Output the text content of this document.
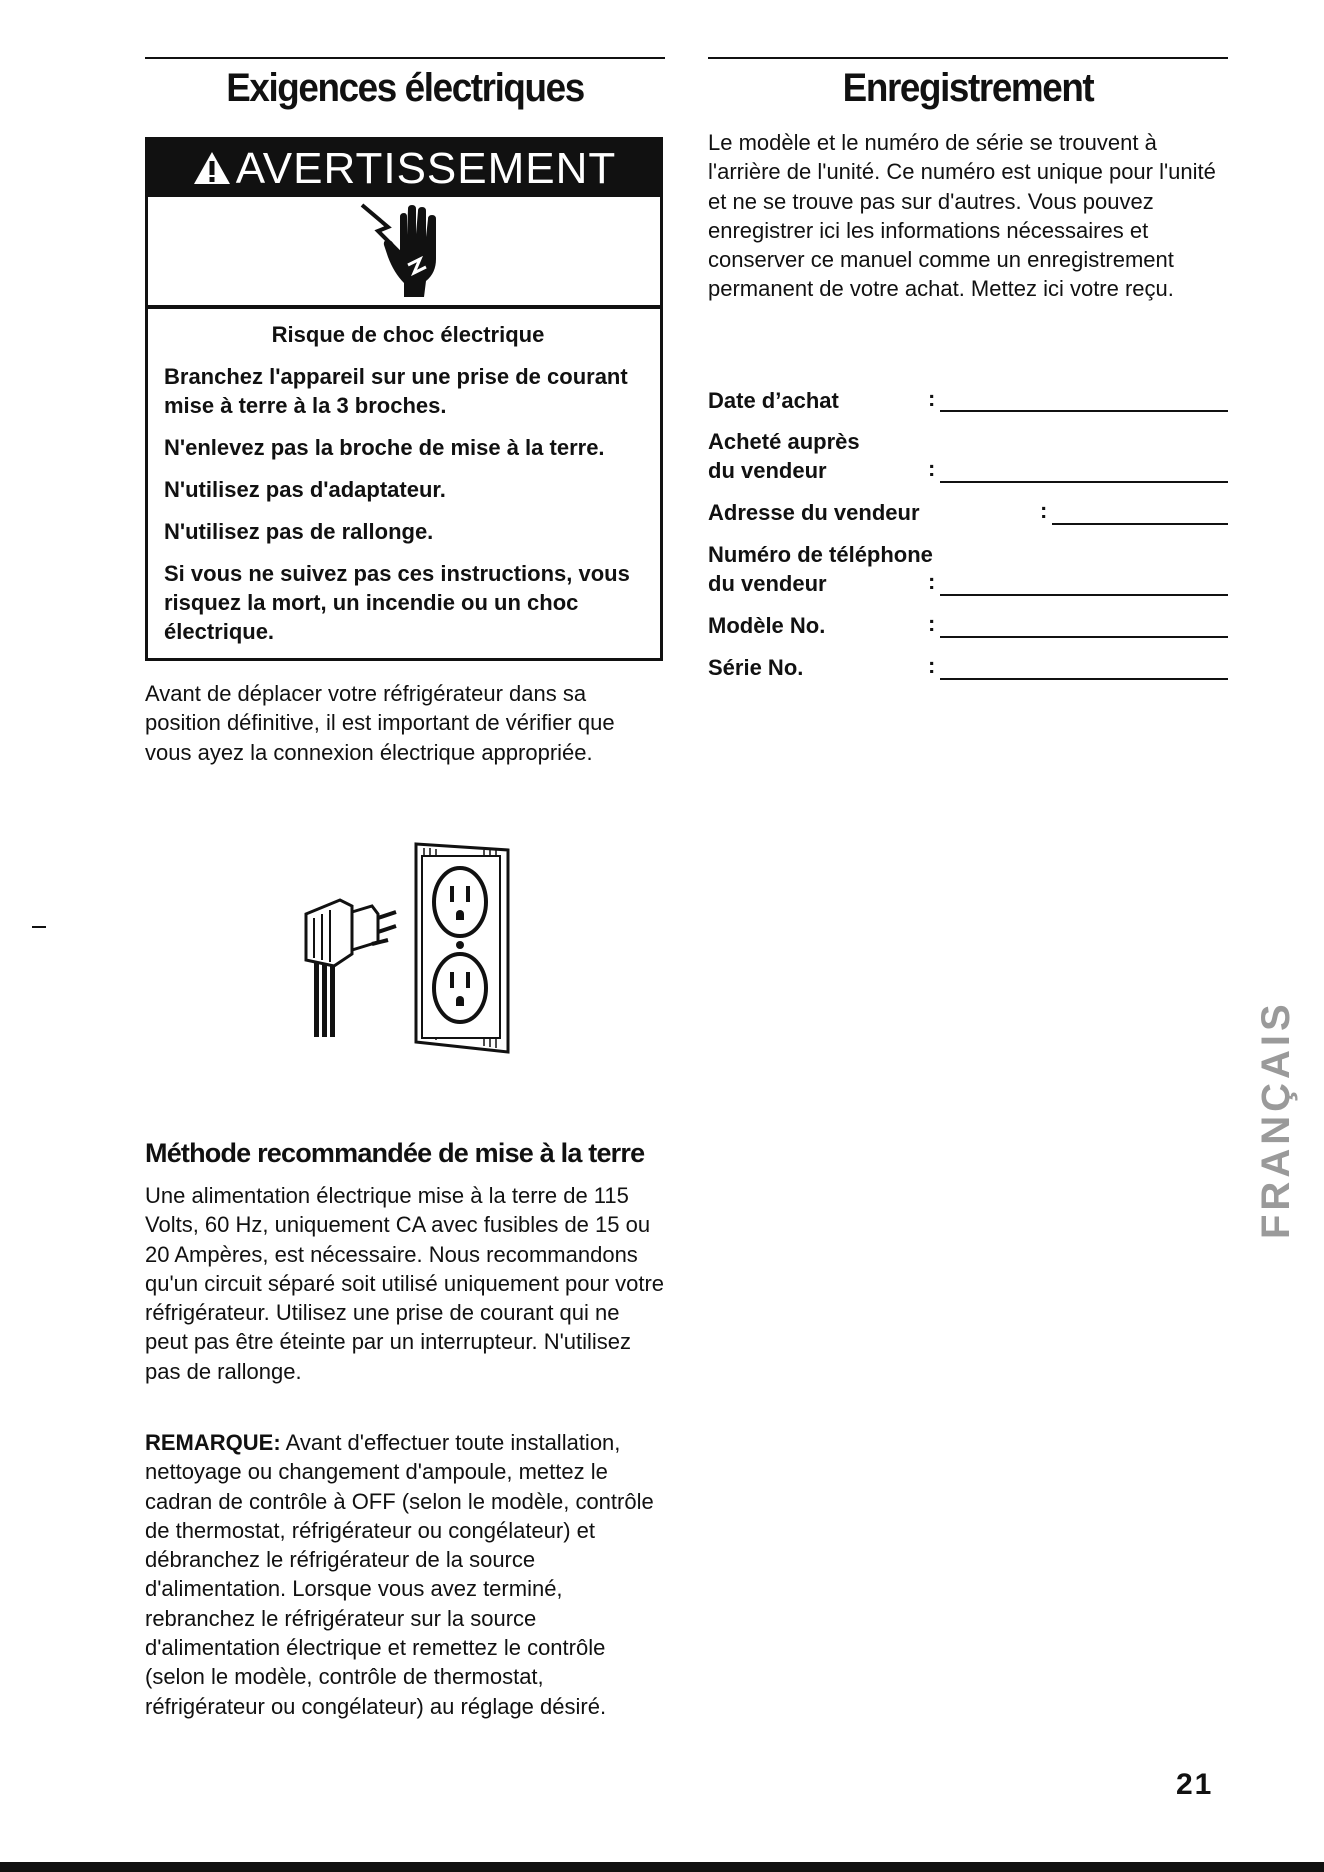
Exigences électriques
AVERTISSEMENT
Risque de choc électrique
Branchez l'appareil sur une prise de courant mise à terre à la 3 broches.
N'enlevez pas la broche de mise à la terre.
N'utilisez pas d'adaptateur.
N'utilisez pas de rallonge.
Si vous ne suivez pas ces instructions, vous risquez la mort, un incendie ou un choc électrique.
Avant de déplacer votre réfrigérateur dans sa position définitive, il est important de vérifier que vous ayez la connexion électrique appropriée.
Méthode recommandée de mise à la terre
Une alimentation électrique mise à la terre de 115 Volts, 60 Hz, uniquement CA avec fusibles de 15 ou 20 Ampères, est nécessaire. Nous recommandons qu'un circuit séparé soit utilisé uniquement pour votre réfrigérateur. Utilisez une prise de courant qui ne peut pas être éteinte par un interrupteur. N'utilisez pas de rallonge.
REMARQUE: Avant d'effectuer toute installation, nettoyage ou changement d'ampoule, mettez le cadran de contrôle à OFF (selon le modèle, contrôle de thermostat, réfrigérateur ou congélateur) et débranchez le réfrigérateur de la source d'alimentation. Lorsque vous avez terminé, rebranchez le réfrigérateur sur la source d'alimentation électrique et remettez le contrôle (selon le modèle, contrôle de thermostat, réfrigérateur ou congélateur) au réglage désiré.
Enregistrement
Le modèle et le numéro de série se trouvent à l'arrière de l'unité. Ce numéro est unique pour l'unité et ne se trouve pas sur d'autres. Vous pouvez enregistrer ici les informations nécessaires et conserver ce manuel comme un enregistrement permanent de votre achat. Mettez ici votre reçu.
Date d’achat	:
Acheté auprès
du vendeur	:
Adresse du vendeur	:
Numéro de téléphone
du vendeur	:
Modèle No.	:
Série No.	:
FRANÇAIS
21
